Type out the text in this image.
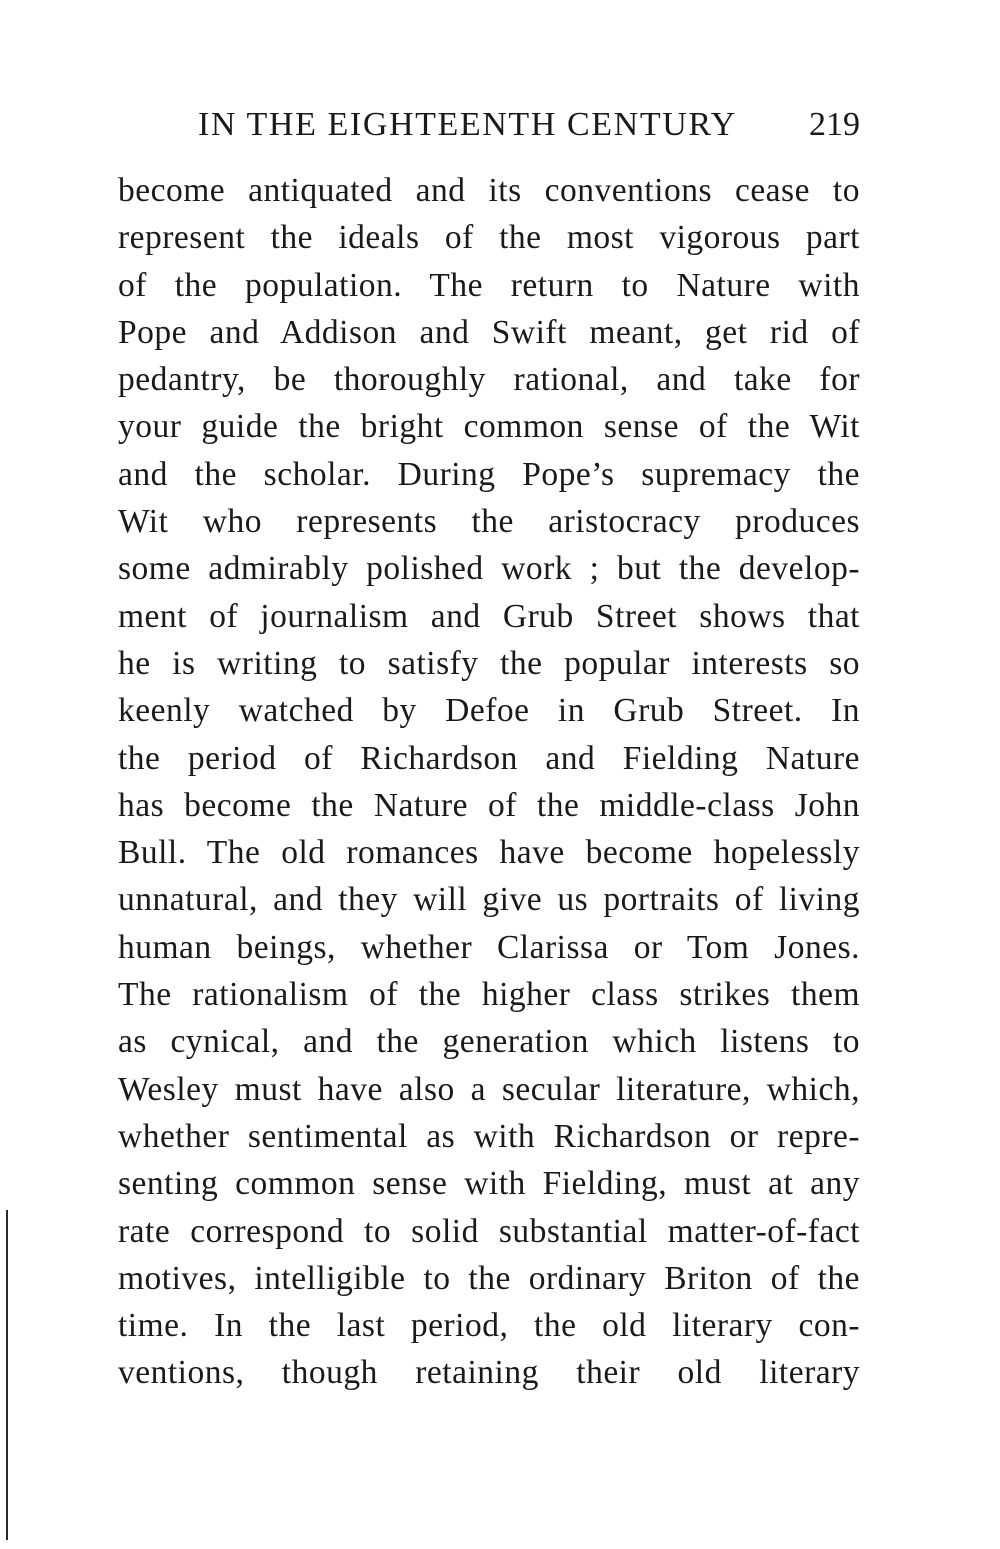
IN THE EIGHTEENTH CENTURY 219
become antiquated and its conventions cease to
represent the ideals of the most vigorous part
of the population. The return to Nature with
Pope and Addison and Swift meant, get rid of
pedantry, be thoroughly rational, and take for
your guide the bright common sense of the Wit
and the scholar. During Pope’s supremacy the
Wit who represents the aristocracy produces
some admirably polished work ; but the develop-
ment of journalism and Grub Street shows that
he is writing to satisfy the popular interests so
keenly watched by Defoe in Grub Street. In
the period of Richardson and Fielding Nature
has become the Nature of the middle-class John
Bull. The old romances have become hopelessly
unnatural, and they will give us portraits of living
human beings, whether Clarissa or Tom Jones.
The rationalism of the higher class strikes them
as cynical, and the generation which listens to
Wesley must have also a secular literature, which,
whether sentimental as with Richardson or repre-
senting common sense with Fielding, must at any
rate correspond to solid substantial matter-of-fact
motives, intelligible to the ordinary Briton of the
time. In the last period, the old literary con-
ventions, though retaining their old literary
